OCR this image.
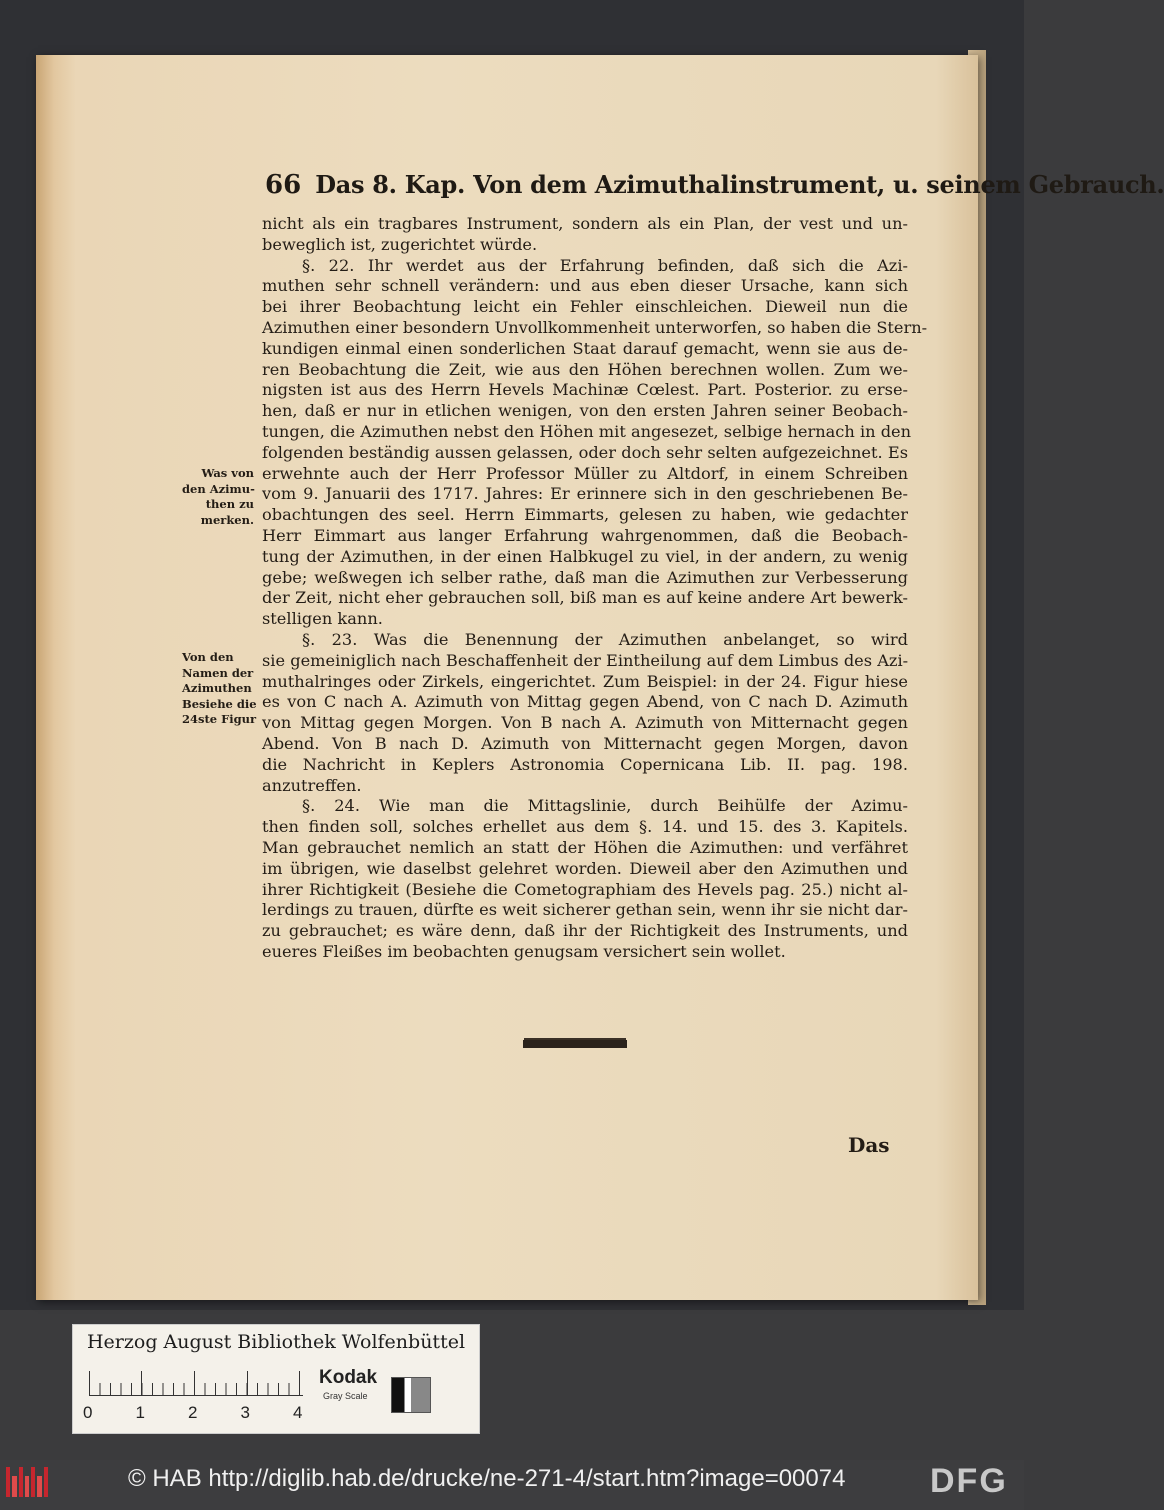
66 Das 8. Kap. Von dem Azimuthalinstrument, u. seinem Gebrauch.
nicht als ein tragbares Instrument, sondern als ein Plan, der vest und un-
beweglich ist, zugerichtet würde.
§. 22. Ihr werdet aus der Erfahrung befinden, daß sich die Azi-
muthen sehr schnell verändern: und aus eben dieser Ursache, kann sich
bei ihrer Beobachtung leicht ein Fehler einschleichen. Dieweil nun die
Azimuthen einer besondern Unvollkommenheit unterworfen, so haben die Stern-
kundigen einmal einen sonderlichen Staat darauf gemacht, wenn sie aus de-
ren Beobachtung die Zeit, wie aus den Höhen berechnen wollen. Zum we-
nigsten ist aus des Herrn Hevels Machinæ Cœlest. Part. Posterior. zu erse-
hen, daß er nur in etlichen wenigen, von den ersten Jahren seiner Beobach-
tungen, die Azimuthen nebst den Höhen mit angesezet, selbige hernach in den
folgenden beständig aussen gelassen, oder doch sehr selten aufgezeichnet. Es
erwehnte auch der Herr Professor Müller zu Altdorf, in einem Schreiben
vom 9. Januarii des 1717. Jahres: Er erinnere sich in den geschriebenen Be-
obachtungen des seel. Herrn Eimmarts, gelesen zu haben, wie gedachter
Herr Eimmart aus langer Erfahrung wahrgenommen, daß die Beobach-
tung der Azimuthen, in der einen Halbkugel zu viel, in der andern, zu wenig
gebe; weßwegen ich selber rathe, daß man die Azimuthen zur Verbesserung
der Zeit, nicht eher gebrauchen soll, biß man es auf keine andere Art bewerk-
stelligen kann.
§. 23. Was die Benennung der Azimuthen anbelanget, so wird
sie gemeiniglich nach Beschaffenheit der Eintheilung auf dem Limbus des Azi-
muthalringes oder Zirkels, eingerichtet. Zum Beispiel: in der 24. Figur hiese
es von C nach A. Azimuth von Mittag gegen Abend, von C nach D. Azimuth
von Mittag gegen Morgen. Von B nach A. Azimuth von Mitternacht gegen
Abend. Von B nach D. Azimuth von Mitternacht gegen Morgen, davon
die Nachricht in Keplers Astronomia Copernicana Lib. II. pag. 198.
anzutreffen.
§. 24. Wie man die Mittagslinie, durch Beihülfe der Azimu-
then finden soll, solches erhellet aus dem §. 14. und 15. des 3. Kapitels.
Man gebrauchet nemlich an statt der Höhen die Azimuthen: und verfähret
im übrigen, wie daselbst gelehret worden. Dieweil aber den Azimuthen und
ihrer Richtigkeit (Besiehe die Cometographiam des Hevels pag. 25.) nicht al-
lerdings zu trauen, dürfte es weit sicherer gethan sein, wenn ihr sie nicht dar-
zu gebrauchet; es wäre denn, daß ihr der Richtigkeit des Instruments, und
eueres Fleißes im beobachten genugsam versichert sein wollet.
Was von
den Azimu-
then zu
merken.
Von den
Namen der
Azimuthen
Besiehe die
24ste Figur
Das
Herzog August Bibliothek Wolfenbüttel
0	1	2	3	4
Kodak
Gray Scale
© HAB http://diglib.hab.de/drucke/ne-271-4/start.htm?image=00074 DFG
